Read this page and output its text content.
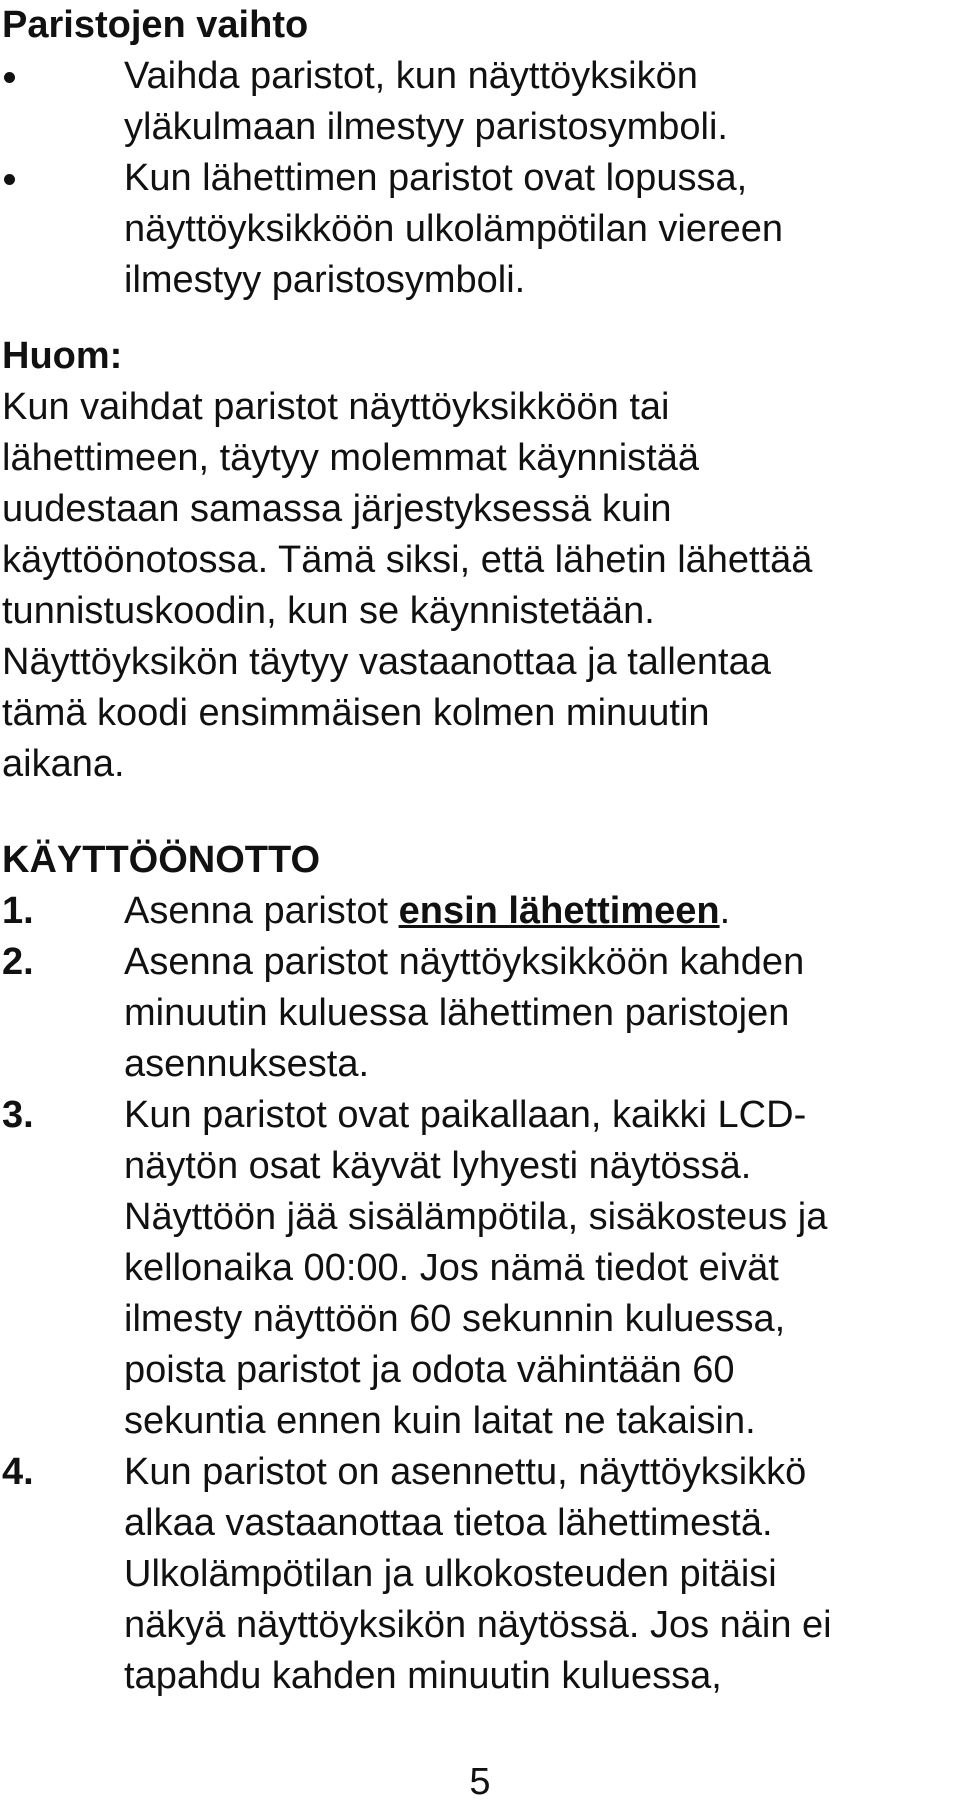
Paristojen vaihto
Vaihda paristot, kun näyttöyksikön
yläkulmaan ilmestyy paristosymboli.
Kun lähettimen paristot ovat lopussa,
näyttöyksikköön ulkolämpötilan viereen
ilmestyy paristosymboli.
Huom:
Kun vaihdat paristot näyttöyksikköön tai
lähettimeen, täytyy molemmat käynnistää
uudestaan samassa järjestyksessä kuin
käyttöönotossa. Tämä siksi, että lähetin lähettää
tunnistuskoodin, kun se käynnistetään.
Näyttöyksikön täytyy vastaanottaa ja tallentaa
tämä koodi ensimmäisen kolmen minuutin
aikana.
KÄYTTÖÖNOTTO
1. Asenna paristot ensin lähettimeen.
2. Asenna paristot näyttöyksikköön kahden
minuutin kuluessa lähettimen paristojen
asennuksesta.
3. Kun paristot ovat paikallaan, kaikki LCD-
näytön osat käyvät lyhyesti näytössä.
Näyttöön jää sisälämpötila, sisäkosteus ja
kellonaika 00:00. Jos nämä tiedot eivät
ilmesty näyttöön 60 sekunnin kuluessa,
poista paristot ja odota vähintään 60
sekuntia ennen kuin laitat ne takaisin.
4. Kun paristot on asennettu, näyttöyksikkö
alkaa vastaanottaa tietoa lähettimestä.
Ulkolämpötilan ja ulkokosteuden pitäisi
näkyä näyttöyksikön näytössä. Jos näin ei
tapahdu kahden minuutin kuluessa,
5
